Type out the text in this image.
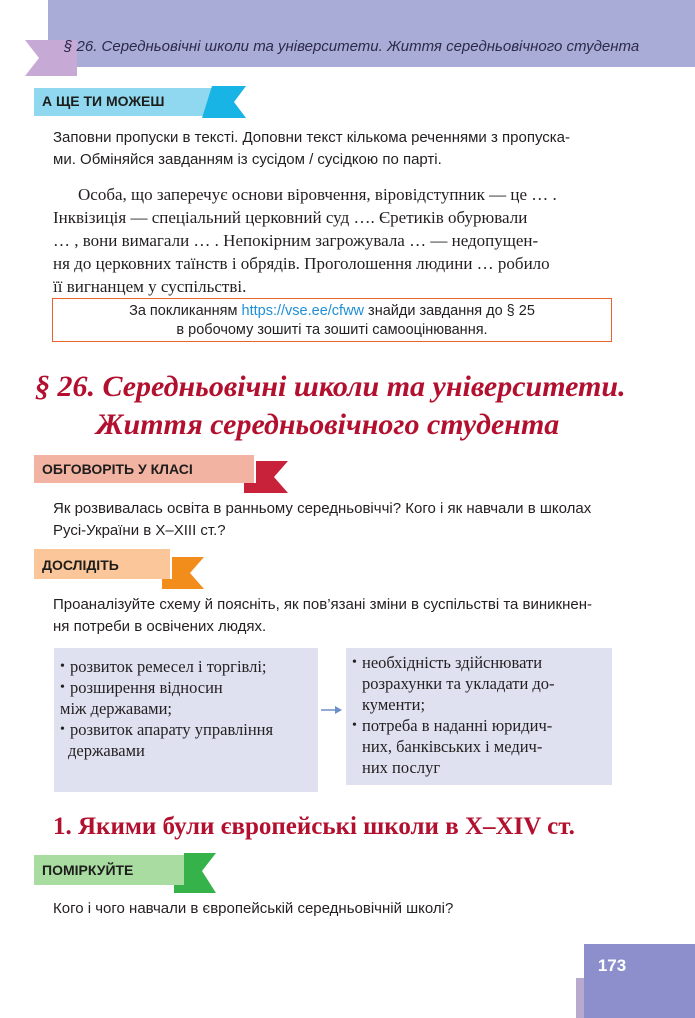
§ 26. Середньовічні школи та університети. Життя середньовічного студента
А ЩЕ ТИ МОЖЕШ
Заповни пропуски в тексті. Доповни текст кількома реченнями з пропуска-
ми. Обміняйся завданням із сусідом / сусідкою по парті.
Особа, що заперечує основи віровчення, віровідступник — це … .
Інквізиція — спеціальний церковний суд …. Єретиків обурювали
… , вони вимагали … . Непокірним загрожувала … — недопущен-
ня до церковних таїнств і обрядів. Проголошення людини … робило
її вигнанцем у суспільстві.
За покликанням https://vse.ee/cfww знайди завдання до § 25
в робочому зошиті та зошиті самооцінювання.
§ 26. Середньовічні школи та університети.
Життя середньовічного студента
ОБГОВОРІТЬ У КЛАСІ
Як розвивалась освіта в ранньому середньовіччі? Кого і як навчали в школах
Русі-України в X–XIII ст.?
ДОСЛІДІТЬ
Проаналізуйте схему й поясніть, як пов’язані зміни в суспільстві та виникнен-
ня потреби в освічених людях.
• розвиток ремесел і торгівлі;
• розширення відносин
між державами;
• розвиток апарату управління
державами
• необхідність здійснювати
розрахунки та укладати до-
кументи;
• потреба в наданні юридич-
них, банківських і медич-
них послуг
1. Якими були європейські школи в X–XIV ст.
ПОМІРКУЙТЕ
Кого і чого навчали в європейській середньовічній школі?
173
